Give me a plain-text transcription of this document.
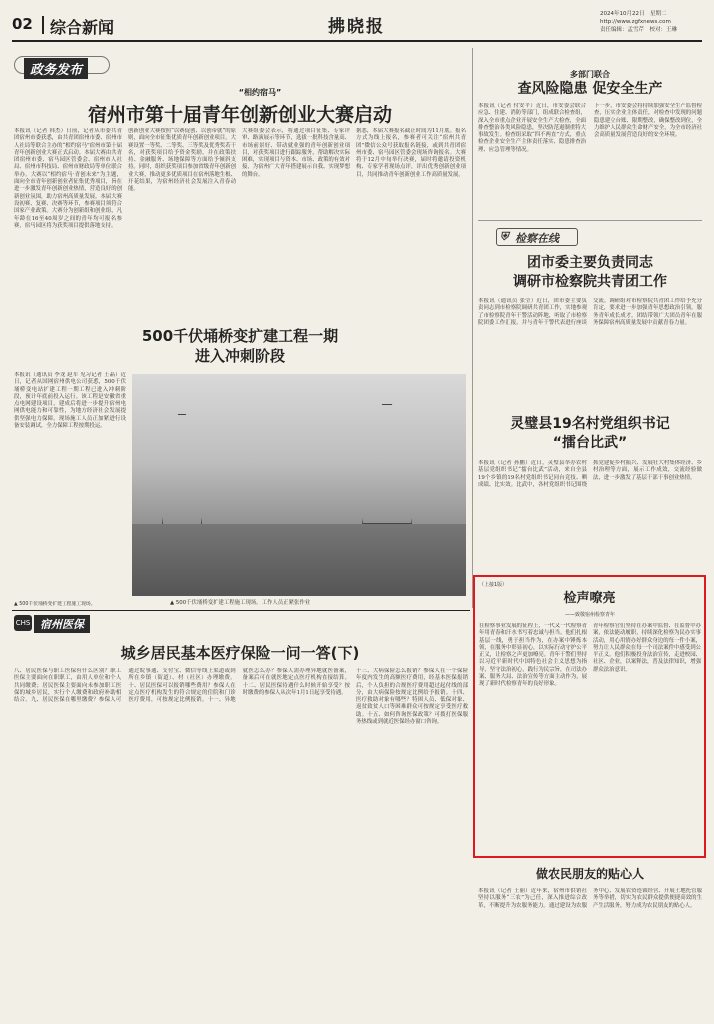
02 综合新闻	拂晓报
2024年10月22日　星期二
http://www.zgfxnews.com
责任编辑：孟雪芹　校对：王琳
政务发布
“相约宿马”
宿州市第十届青年创新创业大赛启动
本报讯（记者 韩杰）日前，记者从市委共青团宿州市委获悉，由共青团宿州市委、宿州市人社局等联合主办的“相约宿马”宿州市第十届青年创新创业大赛正式启动。本届大赛由共青团宿州市委、宿马园区管委会、宿州市人社局、宿州市科技局、宿州市财政局等单位联合举办。大赛以“相约宿马·青创未来”为主题，面向全市青年创新创业者征集优秀项目，旨在进一步激发青年创新创业热情，营造良好的创新创业氛围，助力宿州高质量发展。本届大赛设初赛、复赛、决赛等环节，参赛项目须符合国家产业政策。大赛分为创新组和创业组，凡年龄在16至40周岁之间的青年均可报名参赛，宿马园区将为获奖项目提供落地支持。
创新创业大赛按照“以赛促创、以创带就”的原则，面向全市征集优质青年创新创业项目。大赛设置一等奖、二等奖、三等奖及优秀奖若干名，对获奖项目给予资金奖励，并在政策扶持、金融服务、场地保障等方面给予倾斜支持。同时，组织获奖项目参加省级青年创新创业大赛，推动更多优质项目在宿州落地生根、开花结果，为宿州经济社会发展注入青春动能。
大赛组委会表示，将通过项目征集、专家评审、路演展示等环节，选拔一批科技含量高、市场前景好、带动就业强的青年创新创业项目，对获奖项目进行跟踪服务，帮助解决实际困难，实现项目与资本、市场、政策的有效对接，为宿州广大青年搭建展示自我、实现梦想的舞台。
据悉，本届大赛报名截止时间为11月底。报名方式为线上报名，参赛者可关注“宿州共青团”微信公众号获取报名链接，或到共青团宿州市委、宿马园区管委会现场咨询报名。大赛将于12月中旬举行决赛，届时将邀请投资机构、专家学者现场点评，评出优秀创新创业项目，共同推动青年创新创业工作高质量发展。
多部门联合
查风险隐患 促安全生产
本报讯（记者 付安平）近日，市安委会联合应急、住建、消防等部门，组成联合检查组，深入全市重点企业开展安全生产大检查，全面排查整治各类风险隐患，坚决防范遏制重特大事故发生。检查组采取“四不两直”方式，重点检查企业安全生产主体责任落实、隐患排查治理、应急管理等情况。
下一步，市安委会将持续加强安全生产监督检查，压实企业主体责任，对检查中发现的问题隐患建立台账、限期整改，确保整改到位，全力维护人民群众生命财产安全，为全市经济社会高质量发展营造良好的安全环境。
⛨ 检察在线
团市委主要负责同志
调研市检察院共青团工作
本报讯（通讯员 张莹）近日，团市委主要负责同志到市检察院调研共青团工作，实地参观了市检察院青年干警活动阵地，听取了市检察院团委工作汇报，并与青年干警代表进行座谈交流。调研组对市检察院共青团工作给予充分肯定，要求进一步加强青年思想政治引领，服务青年成长成才，团结带领广大团员青年在服务保障宿州高质量发展中贡献青春力量。
灵璧县19名村党组织书记
“擂台比武”
本报讯（记者 孙鹏）近日，灵璧县举办农村基层党组织书记“擂台比武”活动，来自全县19个乡镇的19名村党组织书记同台竞技、晒成绩、比实效。比武中，各村党组织书记围绕抓党建促乡村振兴、发展壮大村集体经济、乡村治理等方面，展示工作成效，交流经验做法，进一步激发了基层干部干事创业热情。
500千伏埇桥变扩建工程一期
进入冲刺阶段
本报讯（通讯员 李龙 赵军 见习记者 王晶）近日，记者从国网宿州供电公司获悉，500千伏埇桥变电站扩建工程一期工程已进入冲刺阶段，预计年底前投入运行。该工程是安徽省重点电网建设项目，建成后将进一步提升宿州电网供电能力和可靠性，为地方经济社会发展提供坚强电力保障。现场施工人员正加紧进行设备安装调试，全力保障工程按期投运。
▲ 500千伏埇桥变扩建工程施工现场。工作人员正紧张作业
▲ 500千伏埇桥变扩建工程施工现场。
CHS 宿州医保
城乡居民基本医疗保险一问一答(下)
八、居民医保与职工医保有什么区别？职工医保主要面向在职职工，由用人单位和个人共同缴费；居民医保主要面向未参加职工医保的城乡居民，实行个人缴费和政府补助相结合。九、居民医保在哪里缴费？参保人可通过皖事通、支付宝、微信等线上渠道或到所在乡镇（街道）、村（社区）办理缴费。十、居民医保可以报销哪些费用？参保人在定点医疗机构发生的符合规定的住院和门诊医疗费用，可按规定比例报销。十一、异地就医怎么办？参保人需办理异地就医备案，备案后可在就医地定点医疗机构直接结算。十二、居民医保待遇什么时候开始享受？按时缴费的参保人从次年1月1日起享受待遇。
十三、大病保险怎么报销？参保人在一个保险年度内发生的高额医疗费用，经基本医保报销后，个人负担的合规医疗费用超过起付线的部分，由大病保险按规定比例给予报销。十四、医疗救助对象有哪些？特困人员、低保对象、返贫致贫人口等困难群众可按规定享受医疗救助。十五、如何咨询医保政策？可拨打医保服务热线或到就近医保经办窗口咨询。
（上接1版）
检声嘹亮
——致敬宿州检察青年
在检察事业发展的征程上，一代又一代检察青年用青春和汗水书写着忠诚与担当。他们扎根基层一线，勇于担当作为，在办案中锤炼本领，在服务中彰显初心，以实际行动守护公平正义，让检察之声更加嘹亮。青年干警们坚持以习近平新时代中国特色社会主义思想为指导，坚守法治初心，践行为民宗旨，在司法办案、服务大局、法治宣传等方面主动作为，展现了新时代检察青年的良好形象。
青年检察官们坚持在办案中监督、在监督中办案，依法能动履职，持续深化检察为民办实事活动，用心用情办好群众身边的每一件小案，努力让人民群众在每一个司法案件中感受到公平正义。他们积极投身法治宣传，走进校园、社区、企业，以案释法，普及法律知识，增强群众法治意识。
做农民朋友的贴心人
本报讯（记者 王丽）近年来，宿州市供销社坚持以服务“三农”为己任，深入推进综合改革，不断提升为农服务能力。通过建设为农服务中心、发展农资连锁经营、开展土地托管服务等举措，切实为农民群众提供便捷高效的生产生活服务，努力成为农民朋友的贴心人。
